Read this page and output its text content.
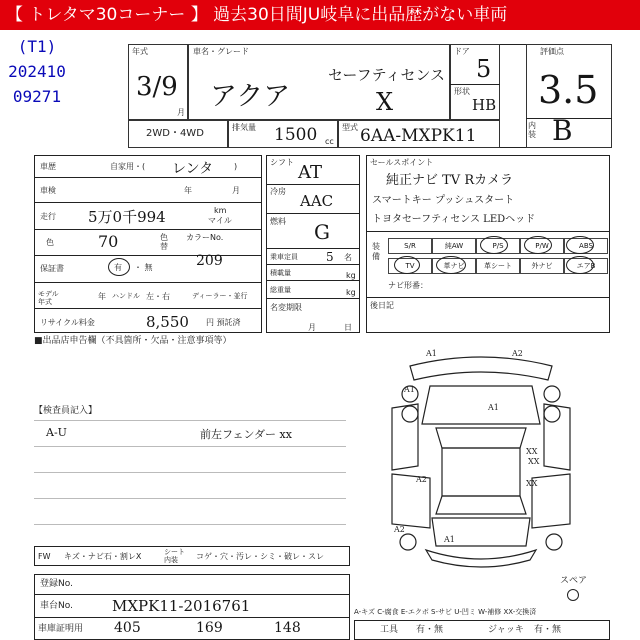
【 トレタマ30コーナー 】 過去30日間JU岐阜に出品歴がない車両
(T1)
202410
09271
年式
3/9
月
車名・グレード
アクア
セーフティセンス
X
ドア
5
形状
HB
評価点
3.5
内装 B
2WD・4WD
排気量 1500 cc
型式 6AA-MXPK11
車歴	自家用・( レンタ	)
車検	年	月
走行 5万0千994	km
マイル
色	70	色替
カラーNo.
209
保証書	有 ・ 無
モデル年式
年 ハンドル 左・右	ディーラー・並行
リサイクル料金	8,550 円 預託済
シフト AT
冷房
AAC
燃料 G
乗車定員 5 名
積載量	kg
総重量	kg
名変期限
月	日
セールスポイント
純正ナビ TV Rカメラ
スマートキー プッシュスタート
トヨタセーフティセンス LEDヘッド
装備
S/R	純AW	P/S	P/W	ABS
TV	革ナビ	革シート	外ナビ	エアB
ナビ形番：
後日記
■出品店申告欄（不具箇所・欠品・注意事項等）
【検査員記入】
A-U	前左フェンダー xx
A1	A2
A1
A1
A2
XX
XX
XX
A1
A2
スペア
FW キズ・ナビ石・割レX	シート内装	コゲ・穴・汚レ・シミ・破レ・スレ
登録No.
車台No.	MXPK11-2016761
車庫証明用 405	169	148
A-キズ C-腐食 E-エクボ S-サビ U-凹ミ W-補修 XX-交換済
工具 有・無	ジャッキ 有・無
